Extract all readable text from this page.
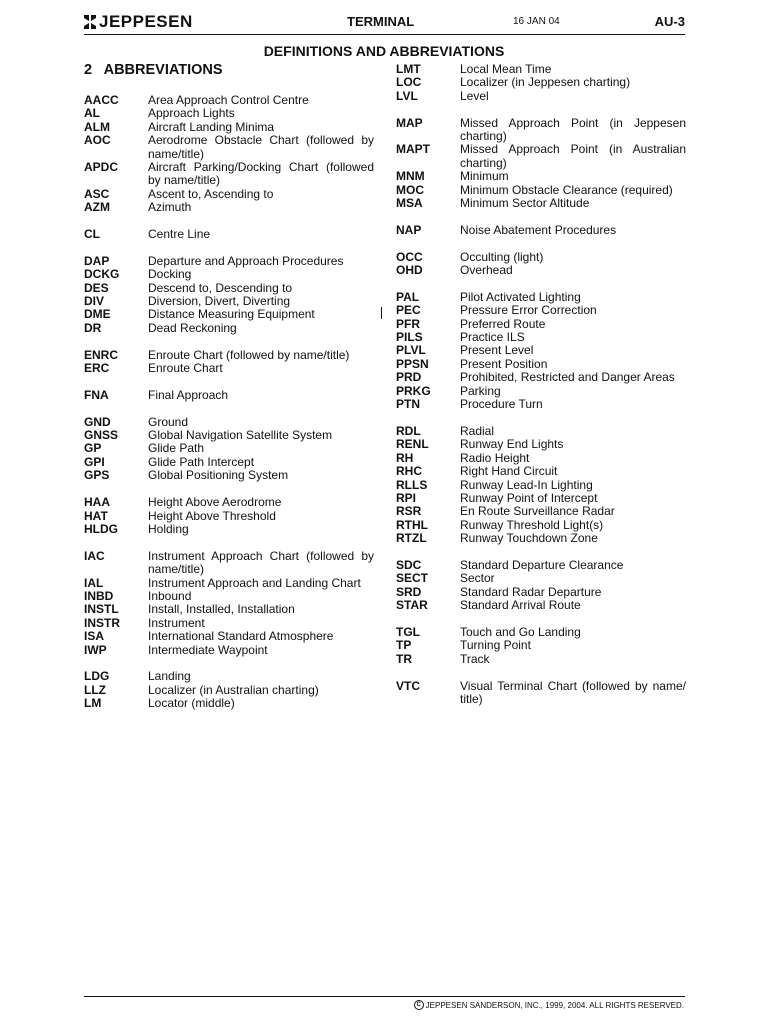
JEPPESEN	TERMINAL	16 JAN 04	AU-3
DEFINITIONS AND ABBREVIATIONS
2   ABBREVIATIONS
AACC	Area Approach Control Centre
AL	Approach Lights
ALM	Aircraft Landing Minima
AOC	Aerodrome Obstacle Chart (followed by name/title)
APDC	Aircraft Parking/Docking Chart (followed by name/title)
ASC	Ascent to, Ascending to
AZM	Azimuth
CL	Centre Line
DAP	Departure and Approach Procedures
DCKG	Docking
DES	Descend to, Descending to
DIV	Diversion, Divert, Diverting
DME	Distance Measuring Equipment
DR	Dead Reckoning
ENRC	Enroute Chart (followed by name/title)
ERC	Enroute Chart
FNA	Final Approach
GND	Ground
GNSS	Global Navigation Satellite System
GP	Glide Path
GPI	Glide Path Intercept
GPS	Global Positioning System
HAA	Height Above Aerodrome
HAT	Height Above Threshold
HLDG	Holding
IAC	Instrument Approach Chart (followed by name/title)
IAL	Instrument Approach and Landing Chart
INBD	Inbound
INSTL	Install, Installed, Installation
INSTR	Instrument
ISA	International Standard Atmosphere
IWP	Intermediate Waypoint
LDG	Landing
LLZ	Localizer (in Australian charting)
LM	Locator (middle)
LMT	Local Mean Time
LOC	Localizer (in Jeppesen charting)
LVL	Level
MAP	Missed Approach Point (in Jeppesen charting)
MAPT	Missed Approach Point (in Australian charting)
MNM	Minimum
MOC	Minimum Obstacle Clearance (required)
MSA	Minimum Sector Altitude
NAP	Noise Abatement Procedures
OCC	Occulting (light)
OHD	Overhead
PAL	Pilot Activated Lighting
PEC	Pressure Error Correction
PFR	Preferred Route
PILS	Practice ILS
PLVL	Present Level
PPSN	Present Position
PRD	Prohibited, Restricted and Danger Areas
PRKG	Parking
PTN	Procedure Turn
RDL	Radial
RENL	Runway End Lights
RH	Radio Height
RHC	Right Hand Circuit
RLLS	Runway Lead-In Lighting
RPI	Runway Point of Intercept
RSR	En Route Surveillance Radar
RTHL	Runway Threshold Light(s)
RTZL	Runway Touchdown Zone
SDC	Standard Departure Clearance
SECT	Sector
SRD	Standard Radar Departure
STAR	Standard Arrival Route
TGL	Touch and Go Landing
TP	Turning Point
TR	Track
VTC	Visual Terminal Chart (followed by name/ title)
C JEPPESEN SANDERSON, INC., 1999, 2004. ALL RIGHTS RESERVED.
